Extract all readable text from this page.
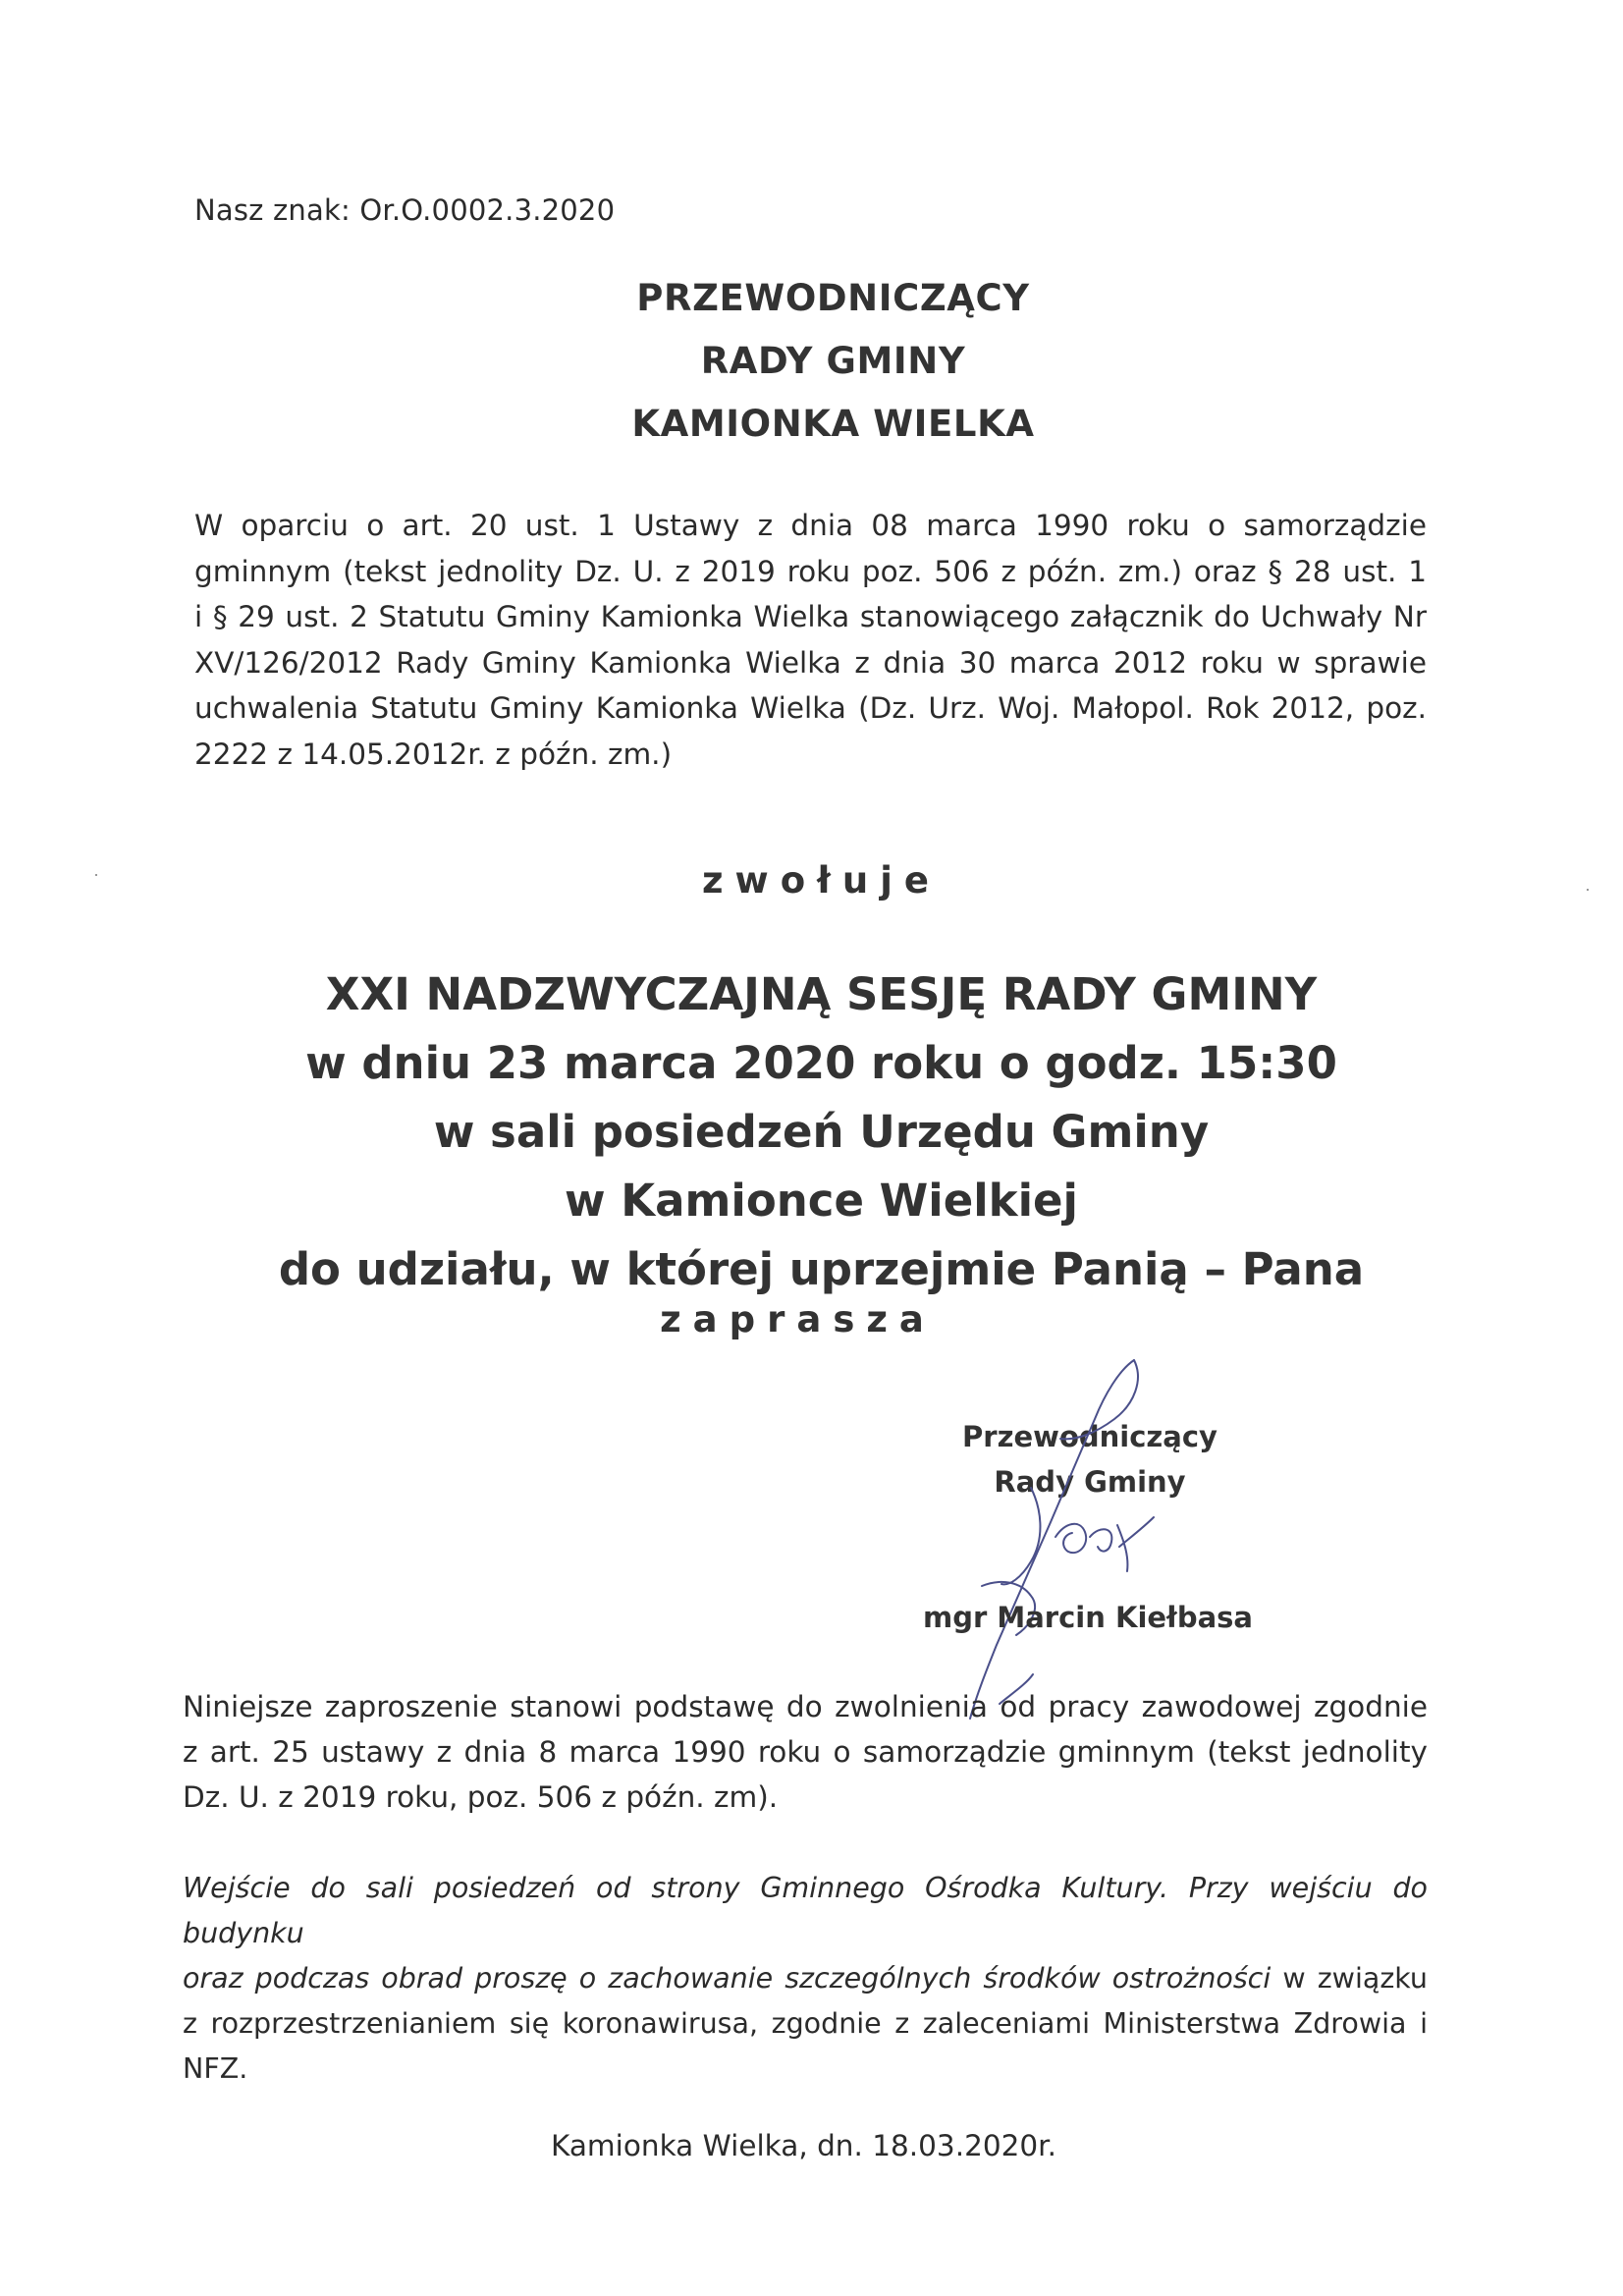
Nasz znak: Or.O.0002.3.2020
PRZEWODNICZĄCY
RADY GMINY
KAMIONKA WIELKA
W oparciu o art. 20 ust. 1 Ustawy z dnia 08 marca 1990 roku o samorządzie
gminnym (tekst jednolity Dz. U. z 2019 roku poz. 506 z późn. zm.) oraz § 28 ust. 1
i § 29 ust. 2 Statutu Gminy Kamionka Wielka stanowiącego załącznik do Uchwały Nr
XV/126/2012 Rady Gminy Kamionka Wielka z dnia 30 marca 2012 roku w sprawie
uchwalenia Statutu Gminy Kamionka Wielka (Dz. Urz. Woj. Małopol. Rok 2012, poz.
2222 z 14.05.2012r. z późn. zm.)
zwołuje
XXI NADZWYCZAJNĄ SESJĘ RADY GMINY
w dniu 23 marca 2020 roku o godz. 15:30
w sali posiedzeń Urzędu Gminy
w Kamionce Wielkiej
do udziału, w której uprzejmie Panią – Pana
zaprasza
Przewodniczący
Rady Gminy
mgr Marcin Kiełbasa
Niniejsze zaproszenie stanowi podstawę do zwolnienia od pracy zawodowej zgodnie
z art. 25 ustawy z dnia 8 marca 1990 roku o samorządzie gminnym (tekst jednolity
Dz. U. z 2019 roku, poz. 506 z późn. zm).
Wejście do sali posiedzeń od strony Gminnego Ośrodka Kultury. Przy wejściu do budynku
oraz podczas obrad proszę o zachowanie szczególnych środków ostrożności w związku
z rozprzestrzenianiem się koronawirusa, zgodnie z zaleceniami Ministerstwa Zdrowia i NFZ.
Kamionka Wielka, dn. 18.03.2020r.
